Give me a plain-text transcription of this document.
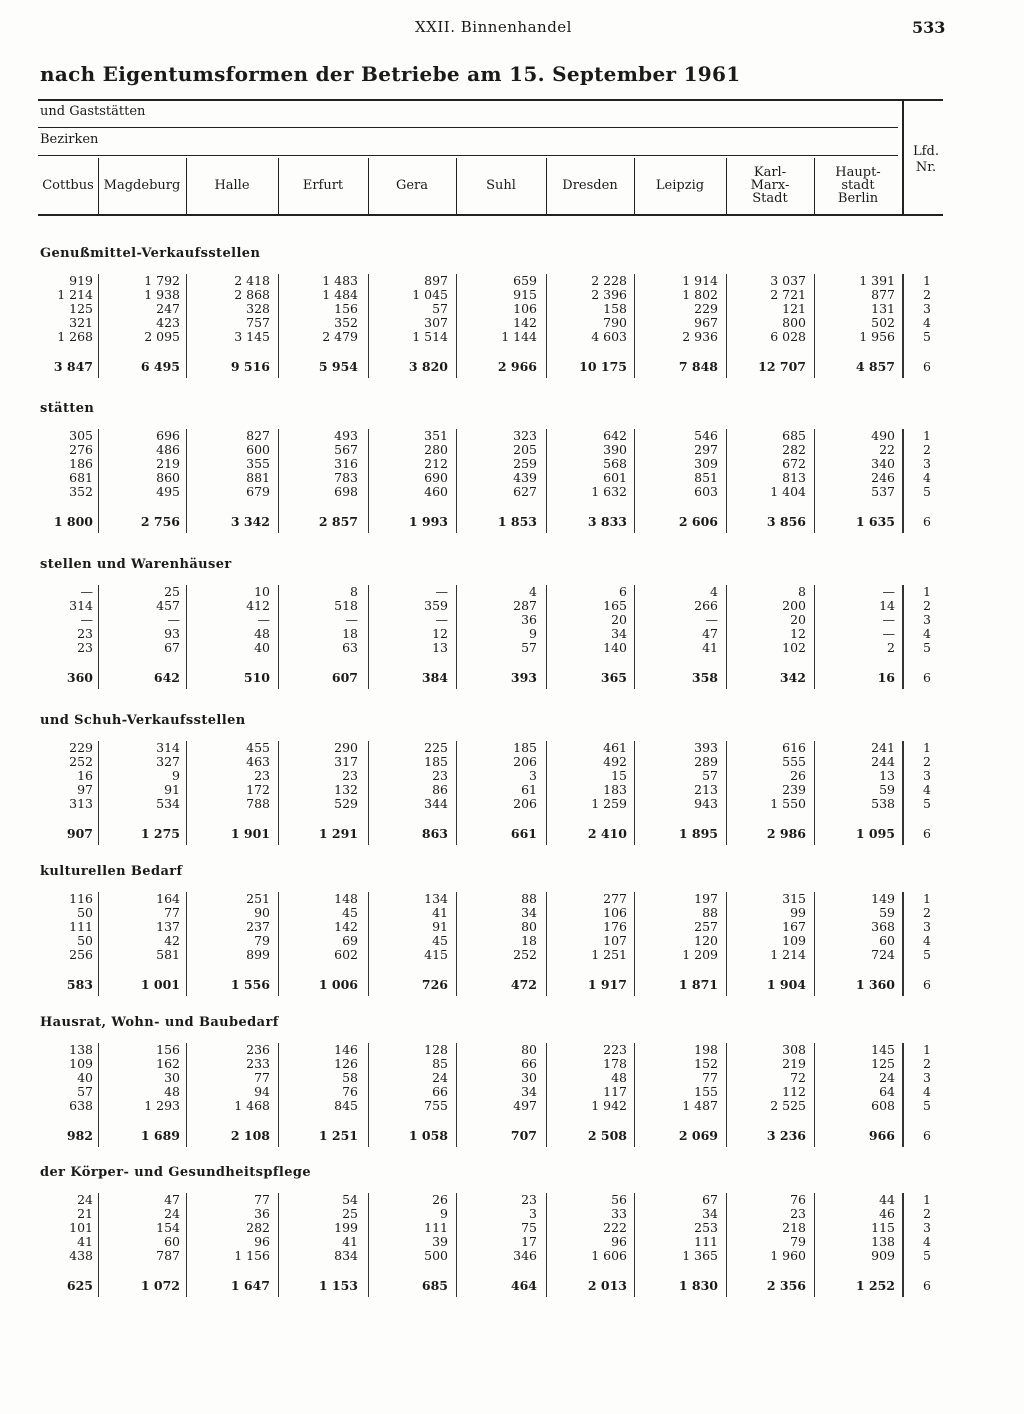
XXII. Binnenhandel	533
nach Eigentumsformen der Betriebe am 15. September 1961
und Gaststätten
Bezirken
Lfd.
Nr.
Cottbus Magdeburg	Halle	Erfurt	Gera	Suhl	Dresden	Leipzig
Karl-
Marx-
Stadt
Haupt-
stadt
Berlin
Genußmittel-Verkaufsstellen
919	1 792	2 418	1 483	897	659	2 228	1 914	3 037	1 391	1
1 214	1 938	2 868	1 484	1 045	915	2 396	1 802	2 721	877	2
125	247	328	156	57	106	158	229	121	131	3
321	423	757	352	307	142	790	967	800	502	4
1 268	2 095	3 145	2 479	1 514	1 144	4 603	2 936	6 028	1 956	5
3 847	6 495	9 516	5 954	3 820	2 966	10 175	7 848	12 707	4 857	6
stätten
305	696	827	493	351	323	642	546	685	490	1
276	486	600	567	280	205	390	297	282	22	2
186	219	355	316	212	259	568	309	672	340	3
681	860	881	783	690	439	601	851	813	246	4
352	495	679	698	460	627	1 632	603	1 404	537	5
1 800	2 756	3 342	2 857	1 993	1 853	3 833	2 606	3 856	1 635	6
stellen und Warenhäuser
—	25	10	8	—	4	6	4	8	—	1
314	457	412	518	359	287	165	266	200	14	2
—	—	—	—	—	36	20	—	20	—	3
23	93	48	18	12	9	34	47	12	—	4
23	67	40	63	13	57	140	41	102	2	5
360	642	510	607	384	393	365	358	342	16	6
und Schuh-Verkaufsstellen
229	314	455	290	225	185	461	393	616	241	1
252	327	463	317	185	206	492	289	555	244	2
16	9	23	23	23	3	15	57	26	13	3
97	91	172	132	86	61	183	213	239	59	4
313	534	788	529	344	206	1 259	943	1 550	538	5
907	1 275	1 901	1 291	863	661	2 410	1 895	2 986	1 095	6
kulturellen Bedarf
116	164	251	148	134	88	277	197	315	149	1
50	77	90	45	41	34	106	88	99	59	2
111	137	237	142	91	80	176	257	167	368	3
50	42	79	69	45	18	107	120	109	60	4
256	581	899	602	415	252	1 251	1 209	1 214	724	5
583	1 001	1 556	1 006	726	472	1 917	1 871	1 904	1 360	6
Hausrat, Wohn- und Baubedarf
138	156	236	146	128	80	223	198	308	145	1
109	162	233	126	85	66	178	152	219	125	2
40	30	77	58	24	30	48	77	72	24	3
57	48	94	76	66	34	117	155	112	64	4
638	1 293	1 468	845	755	497	1 942	1 487	2 525	608	5
982	1 689	2 108	1 251	1 058	707	2 508	2 069	3 236	966	6
der Körper- und Gesundheitspflege
24	47	77	54	26	23	56	67	76	44	1
21	24	36	25	9	3	33	34	23	46	2
101	154	282	199	111	75	222	253	218	115	3
41	60	96	41	39	17	96	111	79	138	4
438	787	1 156	834	500	346	1 606	1 365	1 960	909	5
625	1 072	1 647	1 153	685	464	2 013	1 830	2 356	1 252	6
